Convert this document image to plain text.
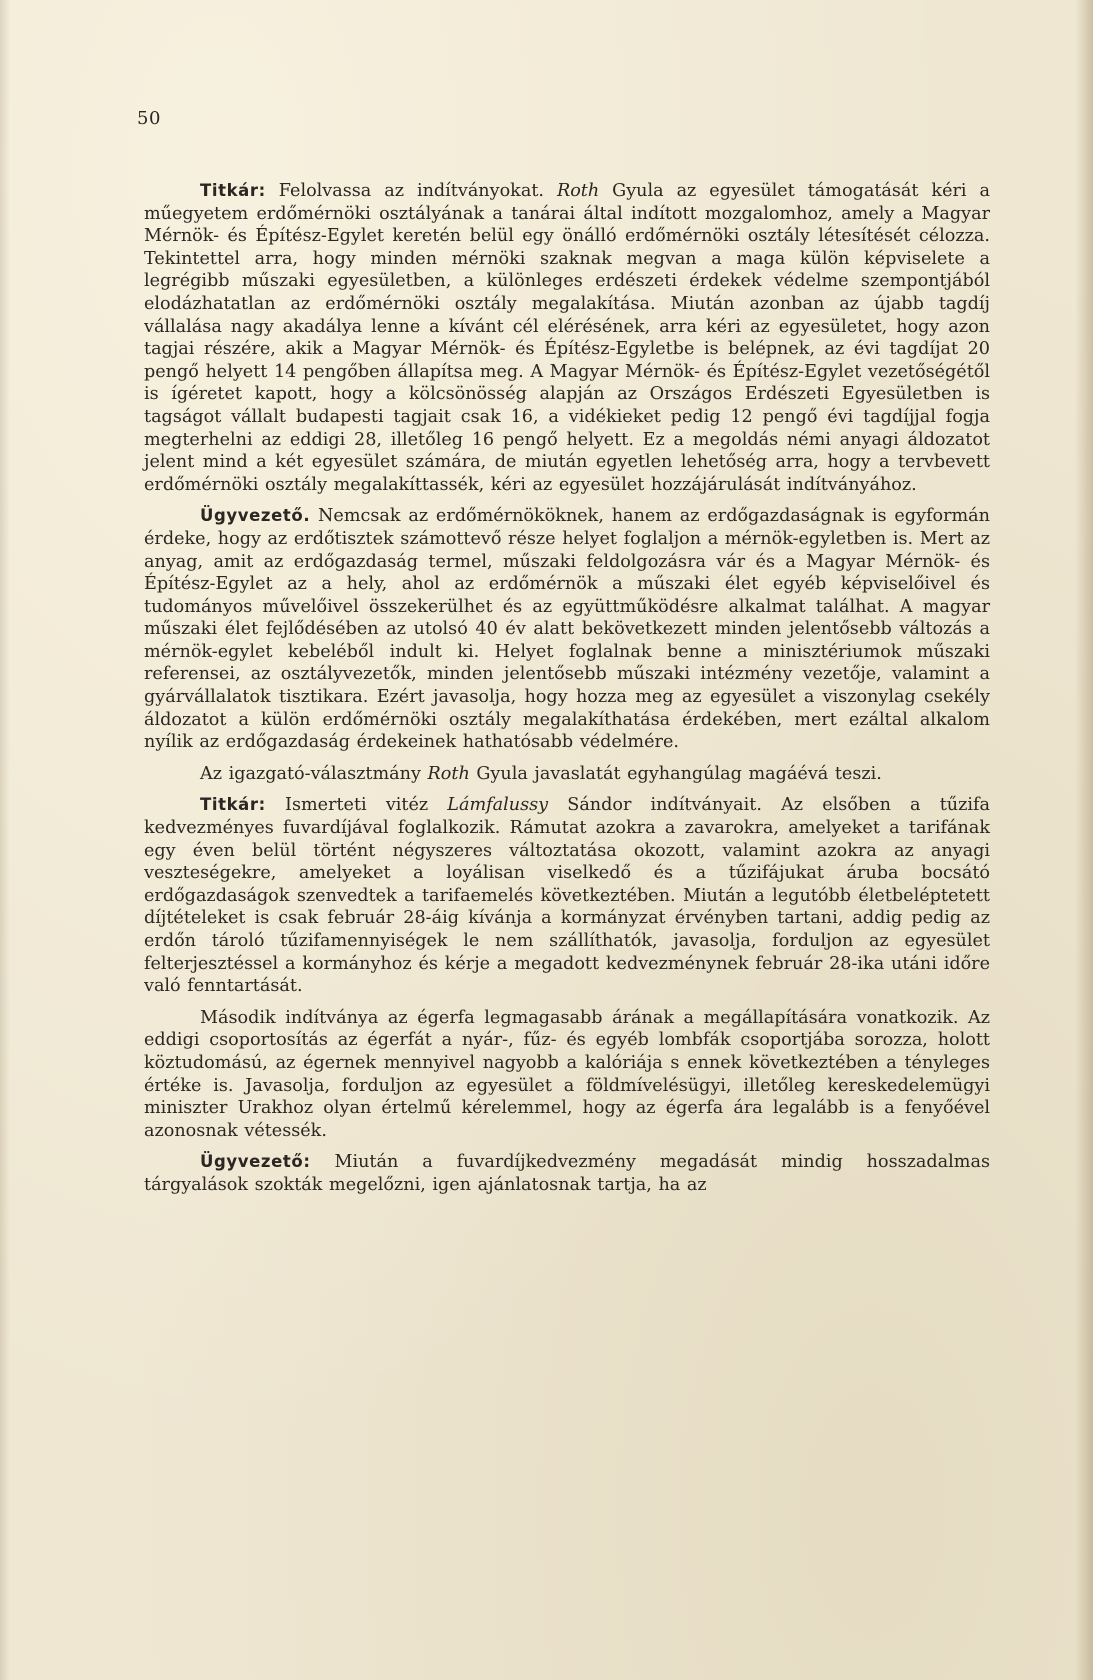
50

Titkár: Felolvassa az indítványokat. Roth Gyula az egyesület támogatását kéri a műegyetem erdőmérnöki osztályának a tanárai által indított mozgalomhoz, amely a Magyar Mérnök- és Építész-Egylet keretén belül egy önálló erdőmérnöki osztály létesítését célozza. Tekintettel arra, hogy minden mérnöki szaknak megvan a maga külön képviselete a legrégibb műszaki egyesületben, a különleges erdészeti érdekek védelme szempontjából elodázhatatlan az erdőmérnöki osztály megalakítása. Miután azonban az újabb tagdíj vállalása nagy akadálya lenne a kívánt cél elérésének, arra kéri az egyesületet, hogy azon tagjai részére, akik a Magyar Mérnök- és Építész-Egyletbe is belépnek, az évi tagdíjat 20 pengő helyett 14 pengőben állapítsa meg. A Magyar Mérnök- és Építész-Egylet vezetőségétől is ígéretet kapott, hogy a kölcsönösség alapján az Országos Erdészeti Egyesületben is tagságot vállalt budapesti tagjait csak 16, a vidékieket pedig 12 pengő évi tagdíjjal fogja megterhelni az eddigi 28, illetőleg 16 pengő helyett. Ez a megoldás némi anyagi áldozatot jelent mind a két egyesület számára, de miután egyetlen lehetőség arra, hogy a tervbevett erdőmérnöki osztály megalakíttassék, kéri az egyesület hozzájárulását indítványához.

Ügyvezető. Nemcsak az erdőmérnököknek, hanem az erdőgazdaságnak is egyformán érdeke, hogy az erdőtisztek számottevő része helyet foglaljon a mérnök-egyletben is. Mert az anyag, amit az erdőgazdaság termel, műszaki feldolgozásra vár és a Magyar Mérnök- és Építész-Egylet az a hely, ahol az erdőmérnök a műszaki élet egyéb képviselőivel és tudományos művelőivel összekerülhet és az együttműködésre alkalmat találhat. A magyar műszaki élet fejlődésében az utolsó 40 év alatt bekövetkezett minden jelentősebb változás a mérnök-egylet kebeléből indult ki. Helyet foglalnak benne a minisztériumok műszaki referensei, az osztályvezetők, minden jelentősebb műszaki intézmény vezetője, valamint a gyárvállalatok tisztikara. Ezért javasolja, hogy hozza meg az egyesület a viszonylag csekély áldozatot a külön erdőmérnöki osztály megalakíthatása érdekében, mert ezáltal alkalom nyílik az erdőgazdaság érdekeinek hathatósabb védelmére.

Az igazgató-választmány Roth Gyula javaslatát egyhangúlag magáévá teszi.

Titkár: Ismerteti vitéz Lámfalussy Sándor indítványait. Az elsőben a tűzifa kedvezményes fuvardíjával foglalkozik. Rámutat azokra a zavarokra, amelyeket a tarifának egy éven belül történt négyszeres változtatása okozott, valamint azokra az anyagi veszteségekre, amelyeket a loyálisan viselkedő és a tűzifájukat áruba bocsátó erdőgazdaságok szenvedtek a tarifaemelés következtében. Miután a legutóbb életbeléptetett díjtételeket is csak február 28-áig kívánja a kormányzat érvényben tartani, addig pedig az erdőn tároló tűzifamennyiségek le nem szállíthatók, javasolja, forduljon az egyesület felterjesztéssel a kormányhoz és kérje a megadott kedvezménynek február 28-ika utáni időre való fenntartását.

Második indítványa az égerfa legmagasabb árának a megállapítására vonatkozik. Az eddigi csoportosítás az égerfát a nyár-, fűz- és egyéb lombfák csoportjába sorozza, holott köztudomású, az égernek mennyivel nagyobb a kalóriája s ennek következtében a tényleges értéke is. Javasolja, forduljon az egyesület a földmívelésügyi, illetőleg kereskedelemügyi miniszter Urakhoz olyan értelmű kérelemmel, hogy az égerfa ára legalább is a fenyőével azonosnak vétessék.

Ügyvezető: Miután a fuvardíjkedvezmény megadását mindig hosszadalmas tárgyalások szokták megelőzni, igen ajánlatosnak tartja, ha az
